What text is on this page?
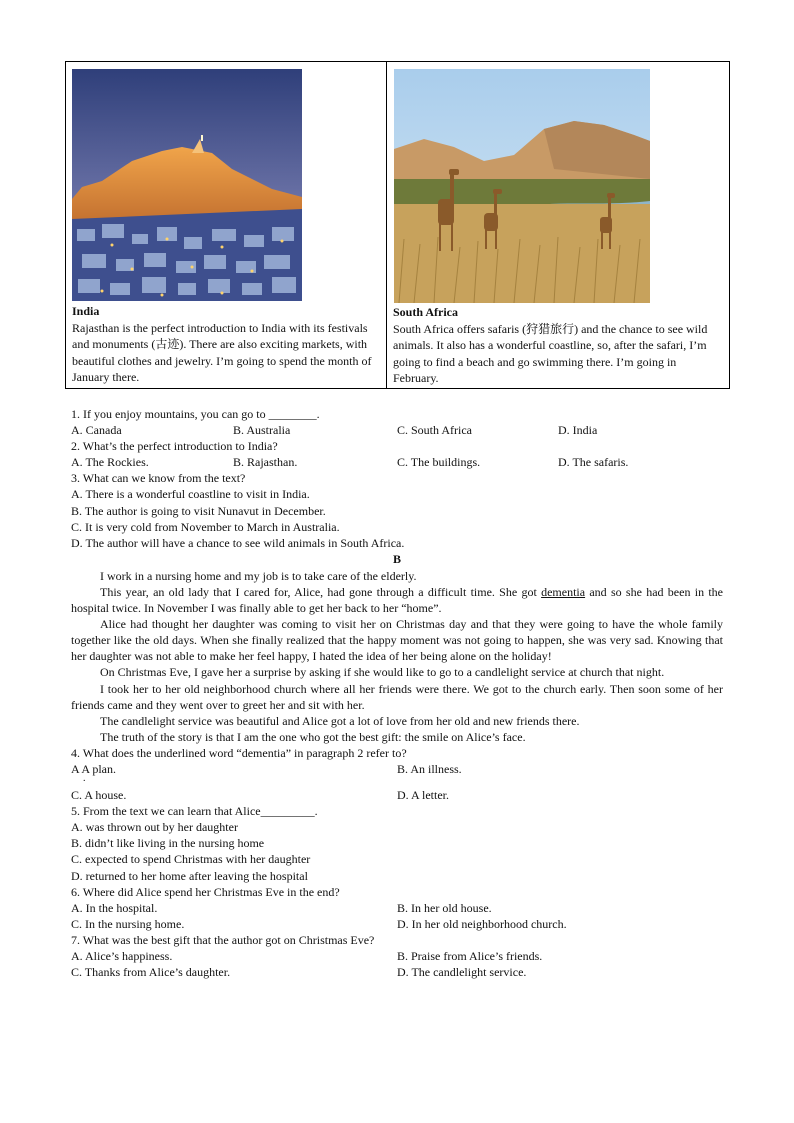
India
Rajasthan is the perfect introduction to India with its festivals and monuments (古迹). There are also exciting markets, with beautiful clothes and jewelry. I’m going to spend the month of January there.
South Africa
South Africa offers safaris (狩猎旅行) and the chance to see wild animals. It also has a wonderful coastline, so, after the safari, I’m going to find a beach and go swimming there. I’m going in February.
1. If you enjoy mountains, you can go to ________.
A. Canada	B. Australia	C. South Africa	D. India
2. What’s the perfect introduction to India?
A. The Rockies.	B. Rajasthan.	C. The buildings.	D. The safaris.
3. What can we know from the text?
A. There is a wonderful coastline to visit in India.
B. The author is going to visit Nunavut in December.
C. It is very cold from November to March in Australia.
D. The author will have a chance to see wild animals in South Africa.
B
I work in a nursing home and my job is to take care of the elderly.
This year, an old lady that I cared for, Alice, had gone through a difficult time. She got dementia and so she had been in the hospital twice. In November I was finally able to get her back to her “home”.
Alice had thought her daughter was coming to visit her on Christmas day and that they were going to have the whole family together like the old days. When she finally realized that the happy moment was not going to happen, she was very sad. Knowing that her daughter was not able to make her feel happy, I hated the idea of her being alone on the holiday!
On Christmas Eve, I gave her a surprise by asking if she would like to go to a candlelight service at church that night.
I took her to her old neighborhood church where all her friends were there. We got to the church early. Then soon some of her friends came and they went over to greet her and sit with her.
The candlelight service was beautiful and Alice got a lot of love from her old and new friends there.
The truth of the story is that I am the one who got the best gift: the smile on Alice’s face.
4. What does the underlined word “dementia” in paragraph 2 refer to?
A A plan.	B. An illness.
.
C. A house.	D. A letter.
5. From the text we can learn that Alice_________.
A. was thrown out by her daughter
B. didn’t like living in the nursing home
C. expected to spend Christmas with her daughter
D. returned to her home after leaving the hospital
6. Where did Alice spend her Christmas Eve in the end?
A. In the hospital.	B. In her old house.
C. In the nursing home.	D. In her old neighborhood church.
7. What was the best gift that the author got on Christmas Eve?
A. Alice’s happiness.	B. Praise from Alice’s friends.
C. Thanks from Alice’s daughter.	D. The candlelight service.
